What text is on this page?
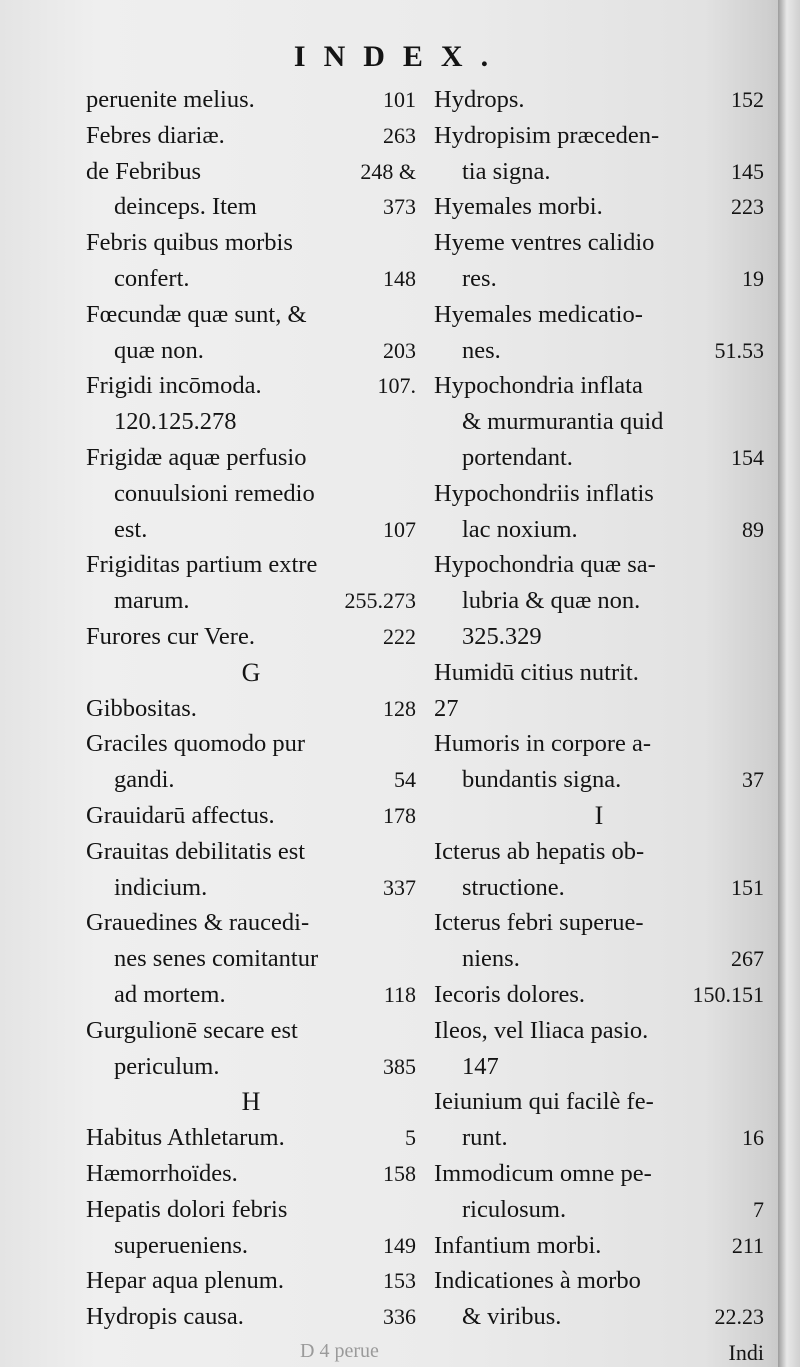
INDEX.
peruenite melius.	101
Febres diariæ.	263
de Febribus	248 &
deinceps. Item	373
Febris quibus morbis
confert.	148
Fœcundæ quæ sunt, &
quæ non.	203
Frigidi incōmoda.	107.
120.125.278
Frigidæ aquæ perfusio
conuulsioni remedio
est.	107
Frigiditas partium extre
marum.	255.273
Furores cur Vere.	222
G
Gibbositas.	128
Graciles quomodo pur
gandi.	54
Grauidarū affectus.	178
Grauitas debilitatis est
indicium.	337
Grauedines & raucedi-
nes senes comitantur
ad mortem.	118
Gurgulionē secare est
periculum.	385
H
Habitus Athletarum.	5
Hæmorrhoïdes.	158
Hepatis dolori febris
superueniens.	149
Hepar aqua plenum.	153
Hydropis causa.	336
Hydrops.	152
Hydropisim præceden-
tia signa.	145
Hyemales morbi.	223
Hyeme ventres calidio
res.	19
Hyemales medicatio-
nes.	51.53
Hypochondria inflata
& murmurantia quid
portendant.	154
Hypochondriis inflatis
lac noxium.	89
Hypochondria quæ sa-
lubria & quæ non.
325.329
Humidū citius nutrit.
27
Humoris in corpore a-
bundantis signa.	37
I
Icterus ab hepatis ob-
structione.	151
Icterus febri superue-
niens.	267
Iecoris dolores.	150.151
Ileos, vel Iliaca pasio.
147
Ieiunium qui facilè fe-
runt.	16
Immodicum omne pe-
riculosum.	7
Infantium morbi.	211
Indicationes à morbo
& viribus.	22.23
Indi
D 4 perue
